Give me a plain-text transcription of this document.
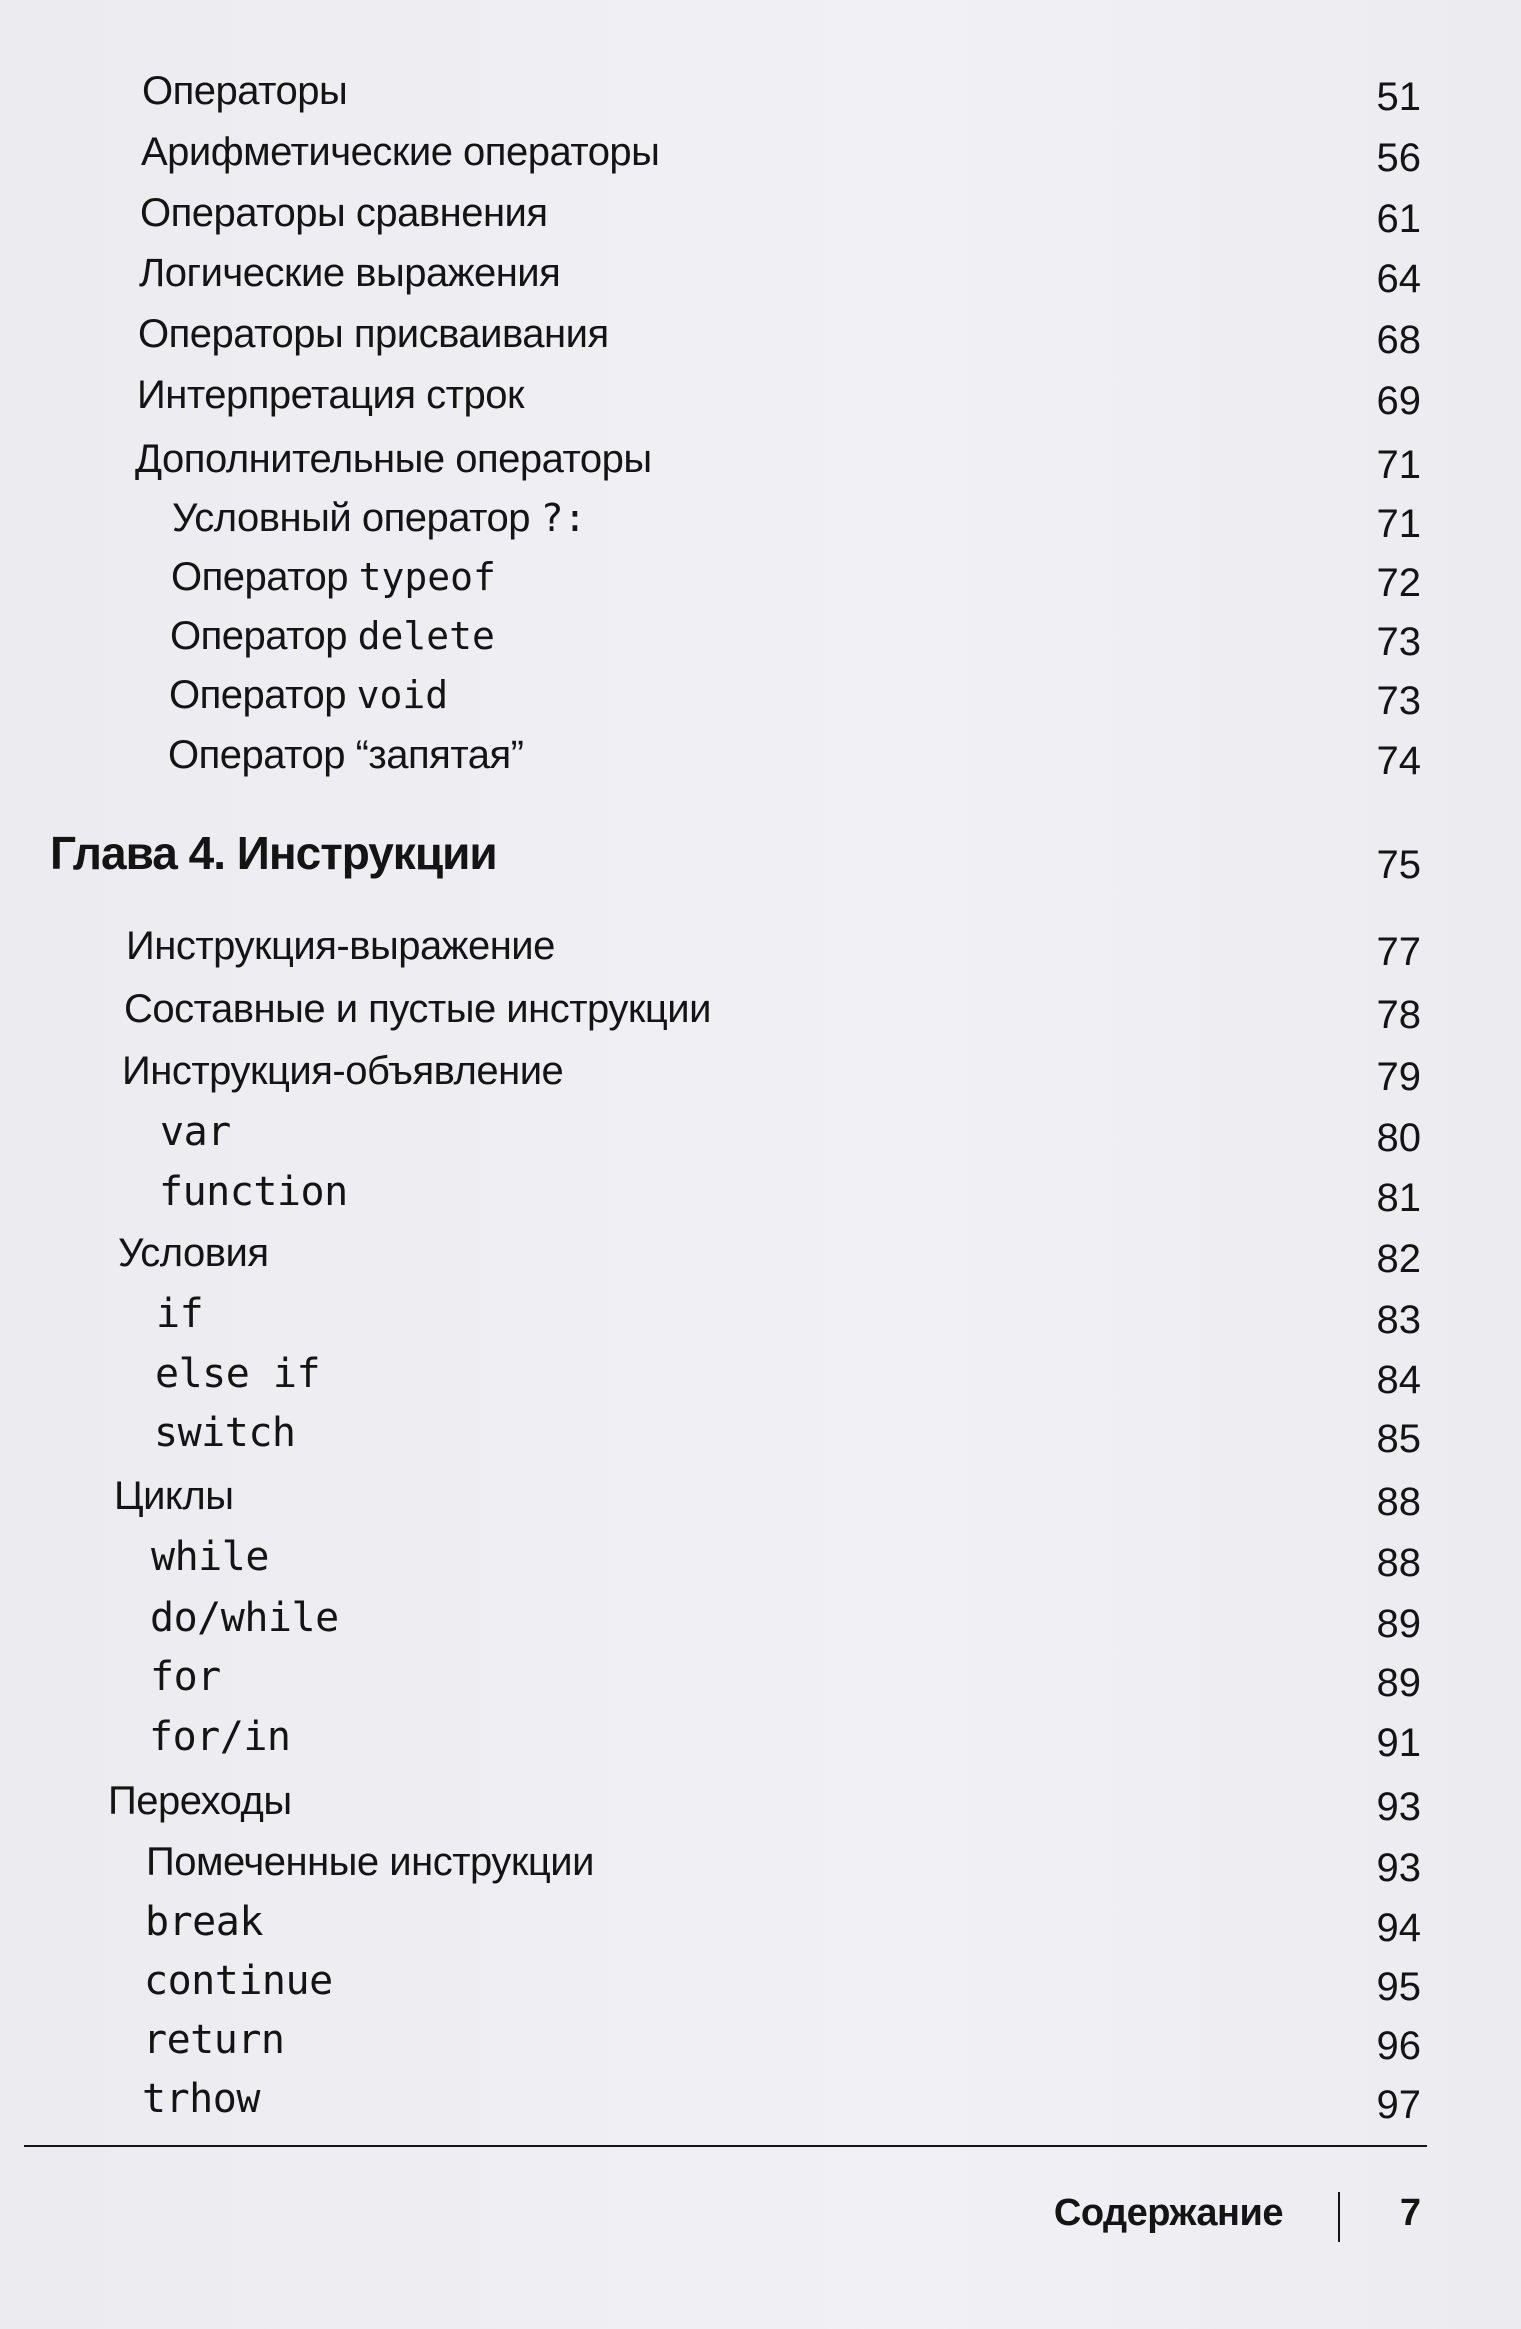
Операторы	51
Арифметические операторы	56
Операторы сравнения	61
Логические выражения	64
Операторы присваивания	68
Интерпретация строк	69
Дополнительные операторы	71
Условный оператор ?:	71
Оператор typeof	72
Оператор delete	73
Оператор void	73
Оператор “запятая”	74
Глава 4. Инструкции	75
Инструкция-выражение	77
Составные и пустые инструкции	78
Инструкция-объявление	79
var	80
function	81
Условия	82
if	83
else if	84
switch	85
Циклы	88
while	88
do/while	89
for	89
for/in	91
Переходы	93
Помеченные инструкции	93
break	94
continue	95
return	96
trhow	97
Содержание	7
